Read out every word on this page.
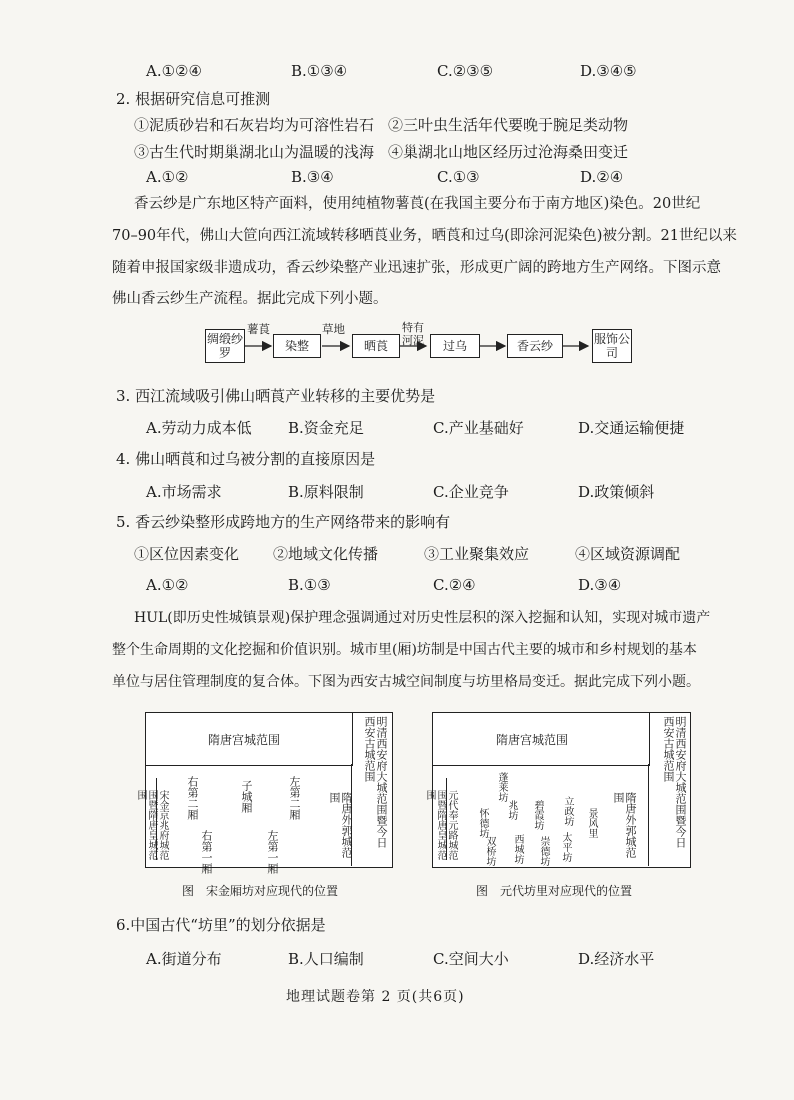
A.①②④	B.①③④	C.②③⑤	D.③④⑤
2. 根据研究信息可推测
①泥质砂岩和石灰岩均为可溶性岩石 ②三叶虫生活年代要晚于腕足类动物
③古生代时期巢湖北山为温暖的浅海 ④巢湖北山地区经历过沧海桑田变迁
A.①②	B.③④	C.①③	D.②④
香云纱是广东地区特产面料，使用纯植物薯莨(在我国主要分布于南方地区)染色。20世纪
70–90年代，佛山大笸向西江流域转移晒莨业务，晒莨和过乌(即涂河泥染色)被分割。21世纪以来
随着申报国家级非遗成功，香云纱染整产业迅速扩张，形成更广阔的跨地方生产网络。下图示意
佛山香云纱生产流程。据此完成下列小题。
绸缎纱罗	染整	晒莨	过乌	香云纱	服饰公司
薯莨	草地	特有河泥
3. 西江流域吸引佛山晒莨产业转移的主要优势是
A.劳动力成本低 B.资金充足	C.产业基础好	D.交通运输便捷
4. 佛山晒莨和过乌被分割的直接原因是
A.市场需求	B.原料限制	C.企业竞争	D.政策倾斜
5. 香云纱染整形成跨地方的生产网络带来的影响有
①区位因素变化 ②地域文化传播	③工业聚集效应	④区域资源调配
A.①②	B.①③	C.②④	D.③④
HUL(即历史性城镇景观)保护理念强调通过对历史性层积的深入挖掘和认知，实现对城市遗产
整个生命周期的文化挖掘和价值识别。城市里(厢)坊制是中国古代主要的城市和乡村规划的基本
单位与居住管理制度的复合体。下图为西安古城空间制度与坊里格局变迁。据此完成下列小题。
隋唐宫城范围	明清西安府大城范围暨今日西安古城范围
宋金京兆府城范围暨隋唐皇城范围	隋唐外郭城范围
右第二厢	子城厢	左第二厢
右第一厢	左第一厢
图　宋金厢坊对应现代的位置
隋唐宫城范围	明清西安府大城范围暨今日西安古城范围
元代奉元路城范围暨隋唐皇城范围	隋唐外郭城范围
蓬莱坊
兆坊 碧霞坊 立政坊 景风里
怀德坊
双桥坊 西城坊 崇德坊 太平坊
图　元代坊里对应现代的位置
6.中国古代“坊里”的划分依据是
A.街道分布	B.人口编制	C.空间大小	D.经济水平
地理试题卷第 2 页(共6页)
